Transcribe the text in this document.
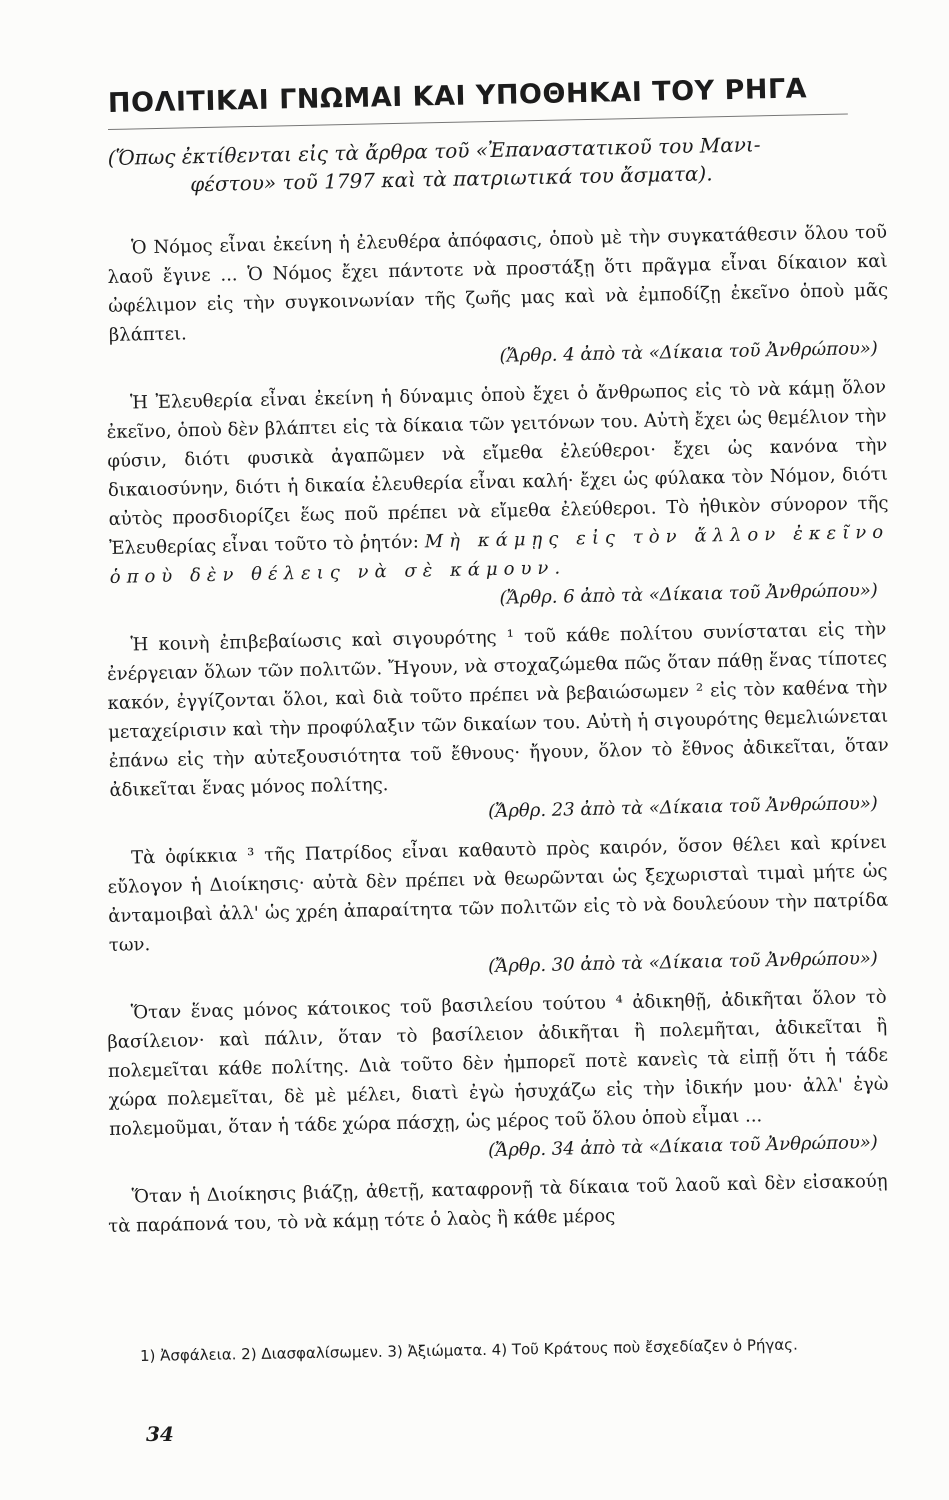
ΠΟΛΙΤΙΚΑΙ ΓΝΩΜΑΙ ΚΑΙ ΥΠΟΘΗΚΑΙ ΤΟΥ ΡΗΓΑ
(Ὅπως ἐκτίθενται εἰς τὰ ἄρθρα τοῦ «Ἐπαναστατικοῦ του Μανι-
φέστου» τοῦ 1797 καὶ τὰ πατριωτικά του ἄσματα).

Ὁ Νόμος εἶναι ἐκείνη ἡ ἐλευθέρα ἀπόφασις, ὁποὺ μὲ τὴν συγκατάθεσιν ὅλου τοῦ λαοῦ ἔγινε ... Ὁ Νόμος ἔχει πάντοτε νὰ προστάξῃ ὅτι πρᾶγμα εἶναι δίκαιον καὶ ὠφέλιμον εἰς τὴν συγκοινωνίαν τῆς ζωῆς μας καὶ νὰ ἐμποδίζῃ ἐκεῖνο ὁποὺ μᾶς βλάπτει.

(Ἄρθρ. 4 ἀπὸ τὰ «Δίκαια τοῦ Ἀνθρώπου»)

Ἡ Ἐλευθερία εἶναι ἐκείνη ἡ δύναμις ὁποὺ ἔχει ὁ ἄνθρωπος εἰς τὸ νὰ κάμῃ ὅλον ἐκεῖνο, ὁποὺ δὲν βλάπτει εἰς τὰ δίκαια τῶν γειτόνων του. Αὐτὴ ἔχει ὡς θεμέλιον τὴν φύσιν, διότι φυσικὰ ἀγαπῶμεν νὰ εἴμεθα ἐλεύθεροι· ἔχει ὡς κανόνα τὴν δικαιοσύνην, διότι ἡ δικαία ἐλευθερία εἶναι καλή· ἔχει ὡς φύλακα τὸν Νόμον, διότι αὐτὸς προσδιορίζει ἕως ποῦ πρέπει νὰ εἴμεθα ἐλεύθεροι. Τὸ ἠθικὸν σύνορον τῆς Ἐλευθερίας εἶναι τοῦτο τὸ ῥητόν: Μὴ κάμῃς εἰς τὸν ἄλλον ἐκεῖνο ὁποὺ δὲν θέλεις νὰ σὲ κάμουν.

(Ἄρθρ. 6 ἀπὸ τὰ «Δίκαια τοῦ Ἀνθρώπου»)

Ἡ κοινὴ ἐπιβεβαίωσις καὶ σιγουρότης ¹ τοῦ κάθε πολίτου συνίσταται εἰς τὴν ἐνέργειαν ὅλων τῶν πολιτῶν. Ἤγουν, νὰ στοχαζώμεθα πῶς ὅταν πάθῃ ἕνας τίποτες κακόν, ἐγγίζονται ὅλοι, καὶ διὰ τοῦτο πρέπει νὰ βεβαιώσωμεν ² εἰς τὸν καθένα τὴν μεταχείρισιν καὶ τὴν προφύλαξιν τῶν δικαίων του. Αὐτὴ ἡ σιγουρότης θεμελιώνεται ἐπάνω εἰς τὴν αὐτεξουσιότητα τοῦ ἔθνους· ἤγουν, ὅλον τὸ ἔθνος ἀδικεῖται, ὅταν ἀδικεῖται ἕνας μόνος πολίτης.

(Ἄρθρ. 23 ἀπὸ τὰ «Δίκαια τοῦ Ἀνθρώπου»)

Τὰ ὀφίκκια ³ τῆς Πατρίδος εἶναι καθαυτὸ πρὸς καιρόν, ὅσον θέλει καὶ κρίνει εὔλογον ἡ Διοίκησις· αὐτὰ δὲν πρέπει νὰ θεωρῶνται ὡς ξεχωρισταὶ τιμαὶ μήτε ὡς ἀνταμοιβαὶ ἀλλ' ὡς χρέη ἀπαραίτητα τῶν πολιτῶν εἰς τὸ νὰ δουλεύουν τὴν πατρίδα των.

(Ἄρθρ. 30 ἀπὸ τὰ «Δίκαια τοῦ Ἀνθρώπου»)

Ὅταν ἕνας μόνος κάτοικος τοῦ βασιλείου τούτου ⁴ ἀδικηθῇ, ἀδικῆται ὅλον τὸ βασίλειον· καὶ πάλιν, ὅταν τὸ βασίλειον ἀδικῆται ἢ πολεμῆται, ἀδικεῖται ἢ πολεμεῖται κάθε πολίτης. Διὰ τοῦτο δὲν ἠμπορεῖ ποτὲ κανεὶς τὰ εἰπῇ ὅτι ἡ τάδε χώρα πολεμεῖται, δὲ μὲ μέλει, διατὶ ἐγὼ ἡσυχάζω εἰς τὴν ἰδικήν μου· ἀλλ' ἐγὼ πολεμοῦμαι, ὅταν ἡ τάδε χώρα πάσχῃ, ὡς μέρος τοῦ ὅλου ὁποὺ εἶμαι ...

(Ἄρθρ. 34 ἀπὸ τὰ «Δίκαια τοῦ Ἀνθρώπου»)

Ὅταν ἡ Διοίκησις βιάζῃ, ἀθετῇ, καταφρονῇ τὰ δίκαια τοῦ λαοῦ καὶ δὲν εἰσακούῃ τὰ παράπονά του, τὸ νὰ κάμῃ τότε ὁ λαὸς ἢ κάθε μέρος

1) Ἀσφάλεια. 2) Διασφαλίσωμεν. 3) Ἀξιώματα. 4) Τοῦ Κράτους ποὺ ἔσχεδίαζεν ὁ Ρήγας.
34
